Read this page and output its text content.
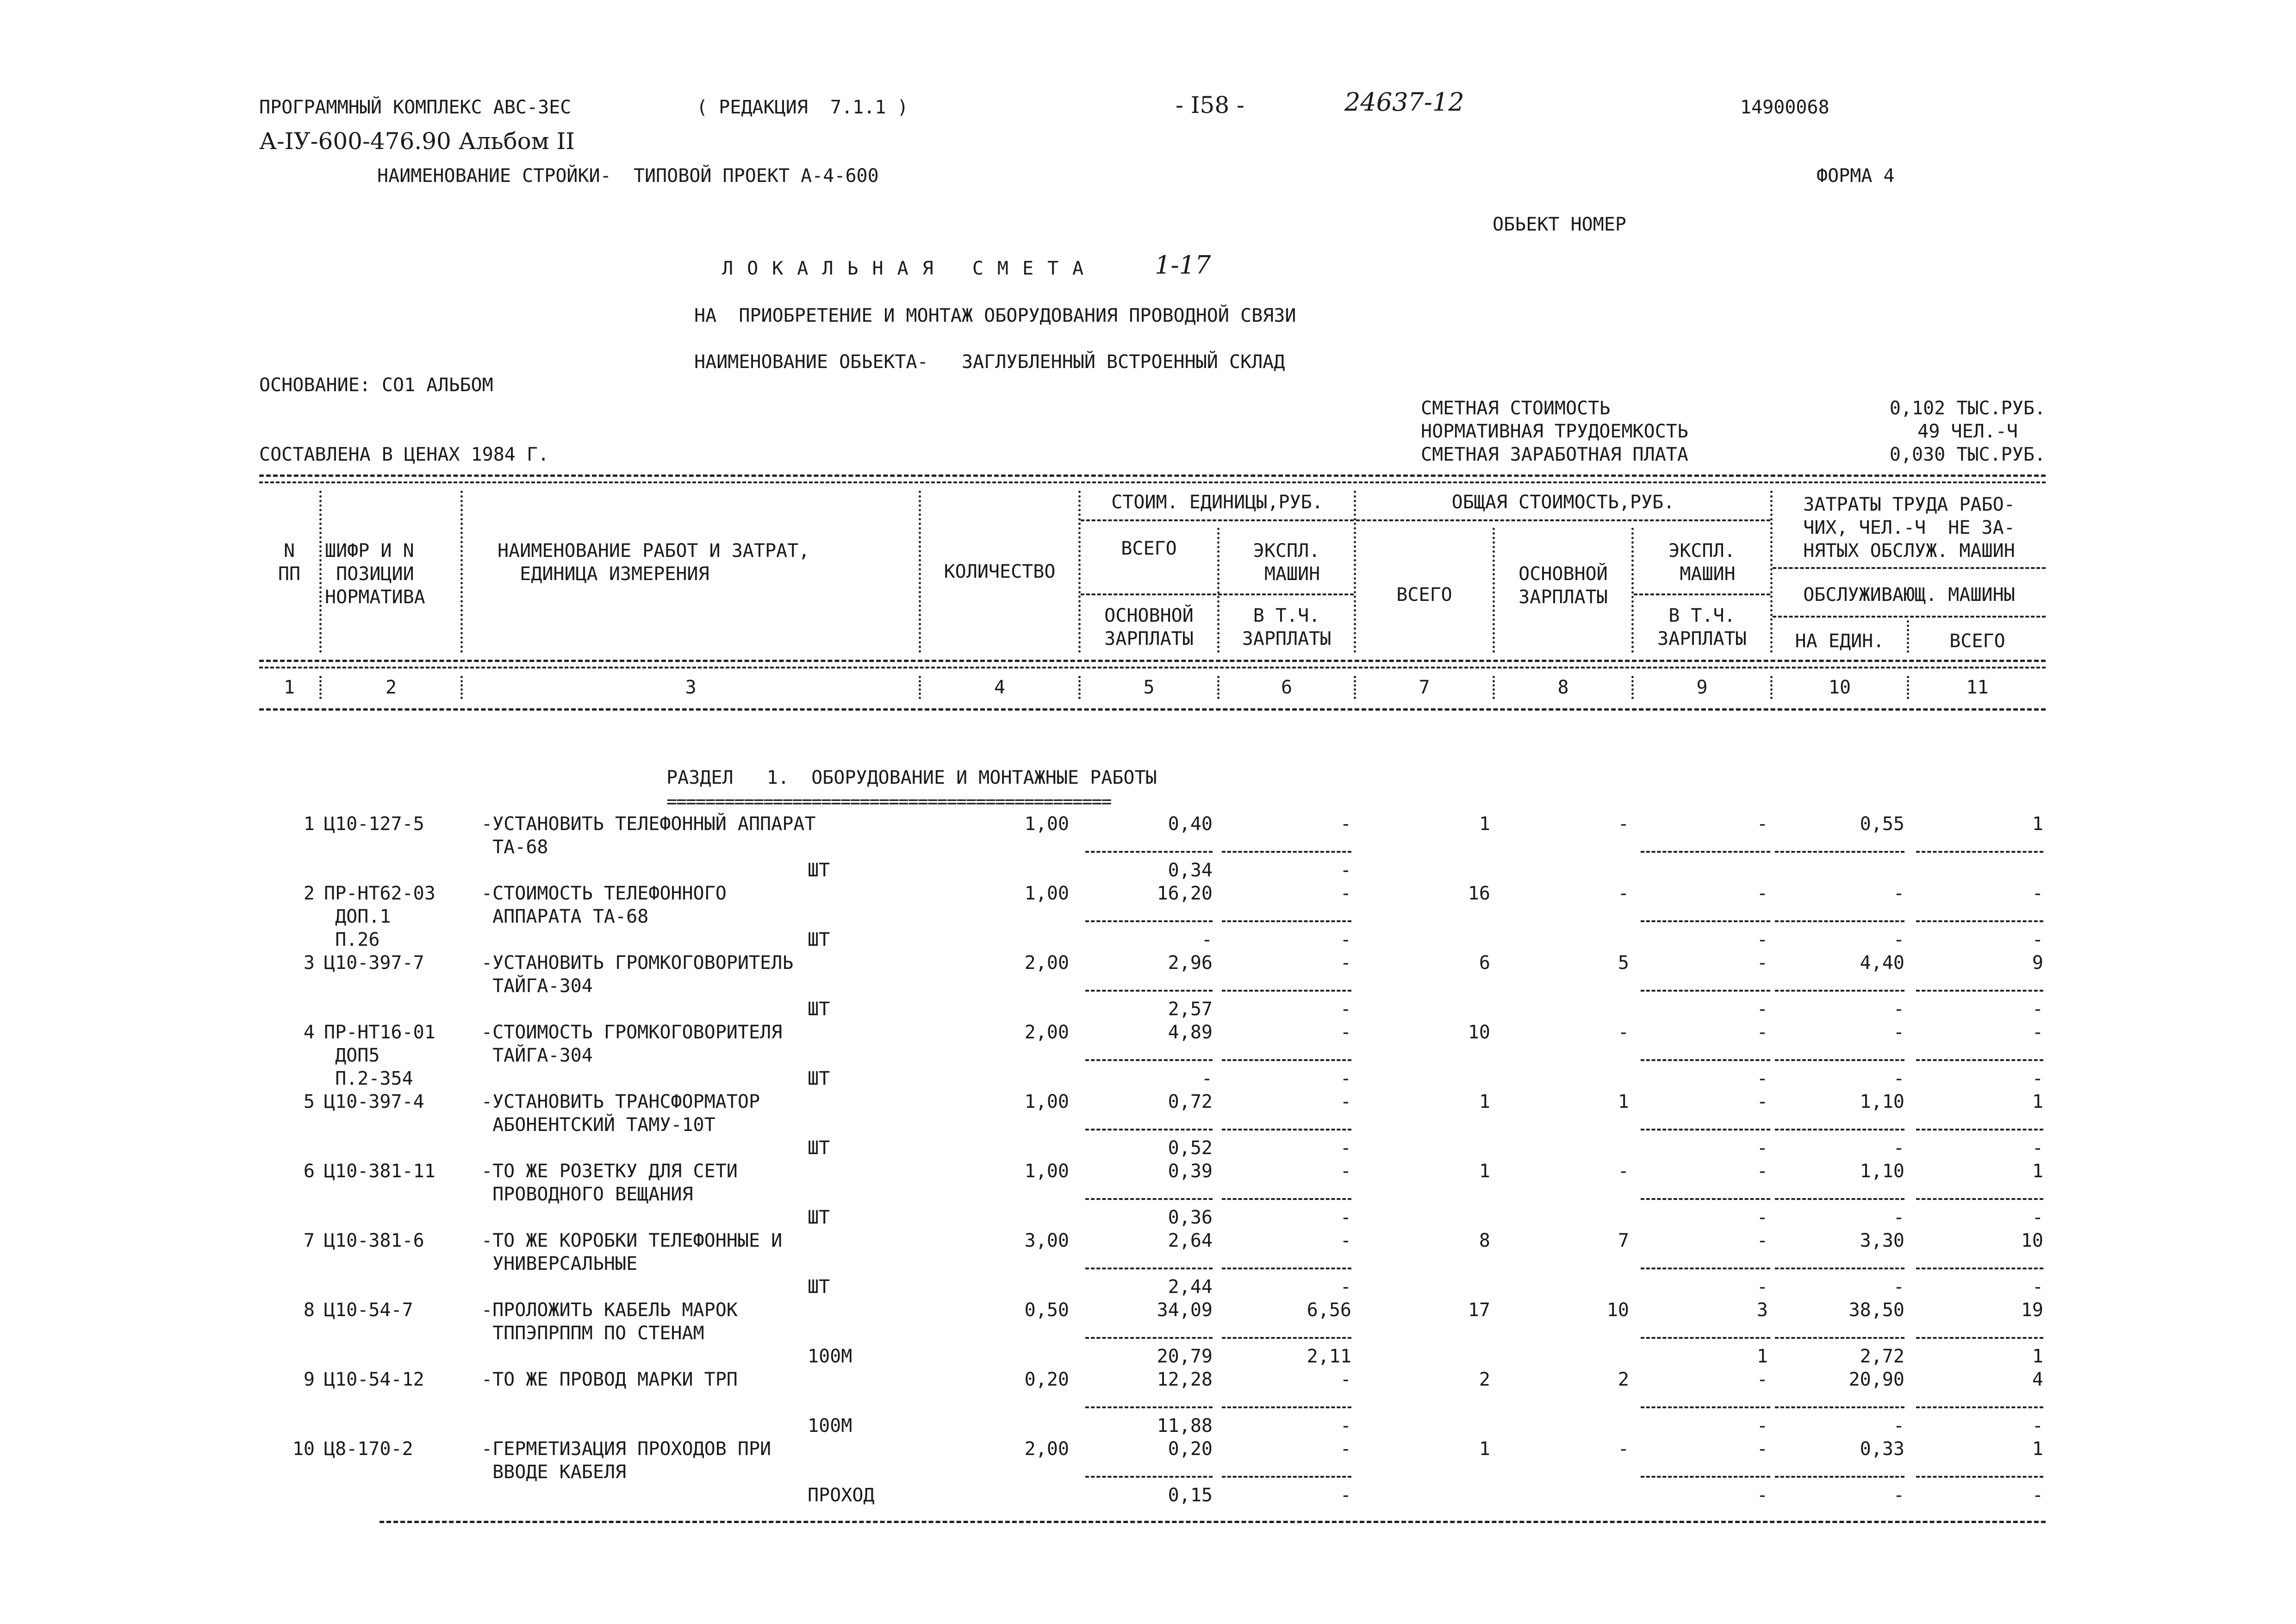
ПРОГРАММНЫЙ КОМПЛЕКС АВС-3ЕС	( РЕДАКЦИЯ  7.1.1 )	- I58 -	24637-12	14900068
А-IУ-600-476.90 Альбом II
НАИМЕНОВАНИЕ СТРОЙКИ-  ТИПОВОЙ ПРОЕКТ А-4-600	ФОРМА 4
ОБЬЕКТ НОМЕР
ЛОКАЛЬНАЯ СМЕТА 1-17
НА  ПРИОБРЕТЕНИЕ И МОНТАЖ ОБОРУДОВАНИЯ ПРОВОДНОЙ СВЯЗИ
НАИМЕНОВАНИЕ ОБЬЕКТА-   ЗАГЛУБЛЕННЫЙ ВСТРОЕННЫЙ СКЛАД
ОСНОВАНИЕ: СО1 АЛЬБОМ
СОСТАВЛЕНА В ЦЕНАХ 1984 Г.
СМЕТНАЯ СТОИМОСТЬ	0,102 ТЫС.РУБ.
НОРМАТИВНАЯ ТРУДОЕМКОСТЬ	49 ЧЕЛ.-Ч
СМЕТНАЯ ЗАРАБОТНАЯ ПЛАТА	0,030 ТЫС.РУБ.
N
ПП
ШИФР И N
ПОЗИЦИИ
НОРМАТИВА
НАИМЕНОВАНИЕ РАБОТ И ЗАТРАТ,
ЕДИНИЦА ИЗМЕРЕНИЯ	КОЛИЧЕСТВО
СТОИМ. ЕДИНИЦЫ,РУБ.
ВСЕГО	ЭКСПЛ.
МАШИН
ОСНОВНОЙ
ЗАРПЛАТЫ
В Т.Ч.
ЗАРПЛАТЫ
ОБЩАЯ СТОИМОСТЬ,РУБ.
ВСЕГО
ОСНОВНОЙ
ЗАРПЛАТЫ
ЭКСПЛ.
МАШИН
В Т.Ч.
ЗАРПЛАТЫ
ЗАТРАТЫ ТРУДА РАБО-
ЧИХ, ЧЕЛ.-Ч  НЕ ЗА-
НЯТЫХ ОБСЛУЖ. МАШИН
ОБСЛУЖИВАЮЩ. МАШИНЫ
НА ЕДИН.	ВСЕГО
1	2	3	4	5	6	7	8	9	10	11
РАЗДЕЛ   1.  ОБОРУДОВАНИЕ И МОНТАЖНЫЕ РАБОТЫ
==============================================
1 Ц10-127-5	-УСТАНОВИТЬ ТЕЛЕФОННЫЙ АППАРАТ
ТА-68
ШТ
1,00	0,40	-	1	-	-	0,55	1
0,34	-
2 ПР-НТ62-03
ДОП.1
П.26
-СТОИМОСТЬ ТЕЛЕФОННОГО
АППАРАТА ТА-68
ШТ
1,00	16,20	-	16	-	-	-	-
-	-	-	-	-
3 Ц10-397-7	-УСТАНОВИТЬ ГРОМКОГОВОРИТЕЛЬ
ТАЙГА-304
ШТ
2,00	2,96	-	6	5	-	4,40	9
2,57	-	-	-	-
4 ПР-НТ16-01
ДОП5
П.2-354
-СТОИМОСТЬ ГРОМКОГОВОРИТЕЛЯ
ТАЙГА-304
ШТ
2,00	4,89	-	10	-	-	-	-
-	-	-	-	-
5 Ц10-397-4	-УСТАНОВИТЬ ТРАНСФОРМАТОР
АБОНЕНТСКИЙ ТАМУ-10Т
ШТ
1,00	0,72	-	1	1	-	1,10	1
0,52	-	-	-	-
6 Ц10-381-11 -ТО ЖЕ РОЗЕТКУ ДЛЯ СЕТИ
ПРОВОДНОГО ВЕЩАНИЯ
ШТ
1,00	0,39	-	1	-	-	1,10	1
0,36	-	-	-	-
7 Ц10-381-6	-ТО ЖЕ КОРОБКИ ТЕЛЕФОННЫЕ И
УНИВЕРСАЛЬНЫЕ
ШТ
3,00	2,64	-	8	7	-	3,30	10
2,44	-	-	-	-
8 Ц10-54-7	-ПРОЛОЖИТЬ КАБЕЛЬ МАРОК
ТППЭПРППМ ПО СТЕНАМ
100М
0,50	34,09	6,56	17	10	3	38,50	19
20,79	2,11	1	2,72	1
9 Ц10-54-12	-ТО ЖЕ ПРОВОД МАРКИ ТРП
100М
0,20	12,28	-	2	2	-	20,90	4
11,88	-	-	-	-
10 Ц8-170-2	-ГЕРМЕТИЗАЦИЯ ПРОХОДОВ ПРИ
ВВОДЕ КАБЕЛЯ
ПРОХОД
2,00	0,20	-	1	-	-	0,33	1
0,15	-	-	-	-
